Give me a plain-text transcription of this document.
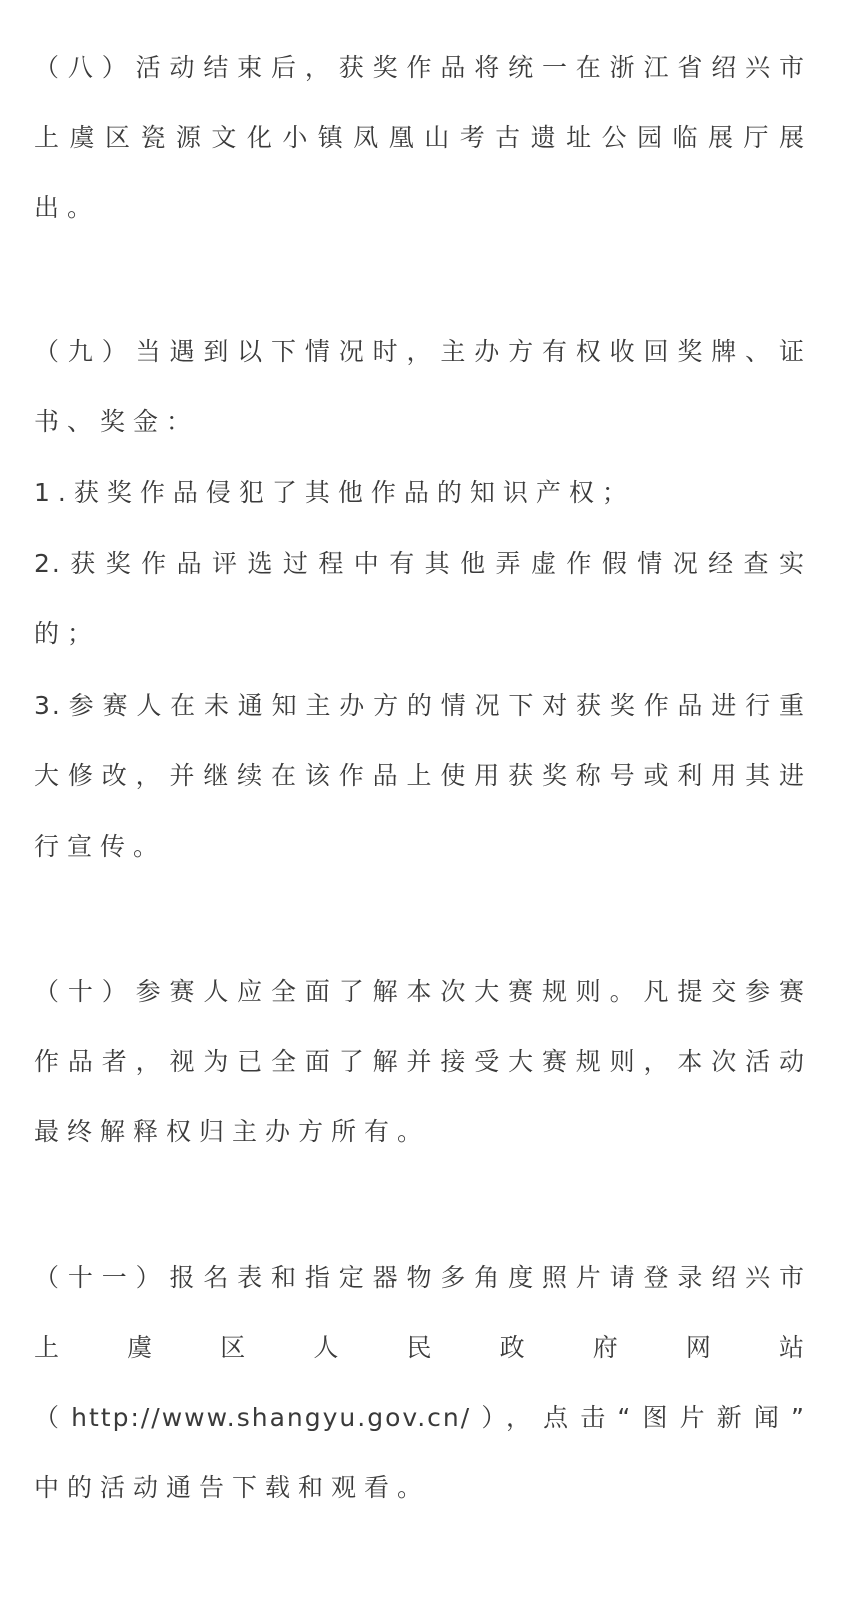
（八）活动结束后，获奖作品将统一在浙江省绍兴市
上虞区瓷源文化小镇凤凰山考古遗址公园临展厅展
出。
（九）当遇到以下情况时，主办方有权收回奖牌、证
书、奖金：
1.获奖作品侵犯了其他作品的知识产权；
2.获奖作品评选过程中有其他弄虚作假情况经查实
的；
3.参赛人在未通知主办方的情况下对获奖作品进行重
大修改，并继续在该作品上使用获奖称号或利用其进
行宣传。
（十）参赛人应全面了解本次大赛规则。凡提交参赛
作品者，视为已全面了解并接受大赛规则，本次活动
最终解释权归主办方所有。
（十一）报名表和指定器物多角度照片请登录绍兴市
上 虞 区 人 民 政 府 网 站
（http://www.shangyu.gov.cn/），点击“图片新闻”
中的活动通告下载和观看。
